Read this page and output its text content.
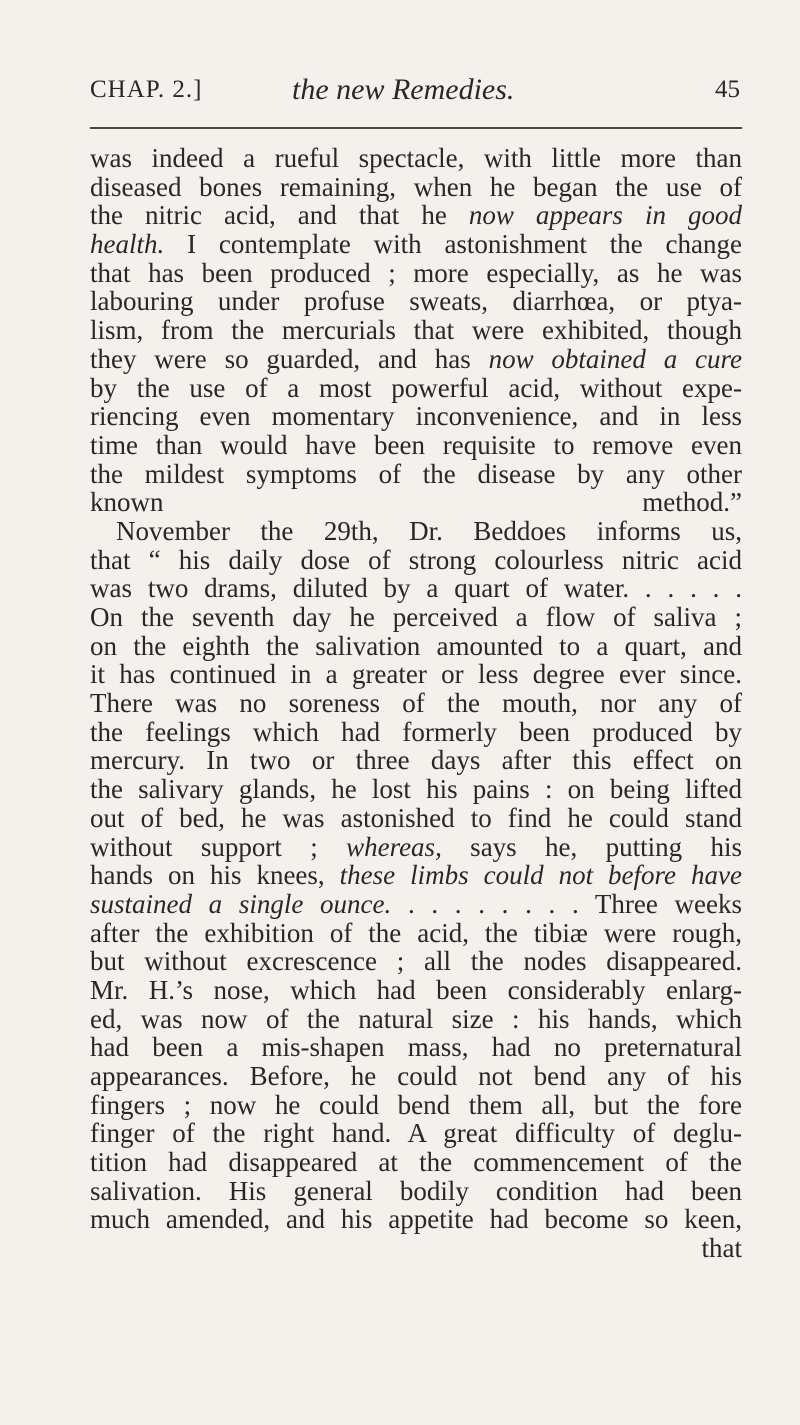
CHAP. 2.]	the new Remedies.	45
was indeed a rueful spectacle, with little more than
diseased bones remaining, when he began the use of
the nitric acid, and that he now appears in good
health. I contemplate with astonishment the change
that has been produced ; more especially, as he was
labouring under profuse sweats, diarrhœa, or ptya-
lism, from the mercurials that were exhibited, though
they were so guarded, and has now obtained a cure
by the use of a most powerful acid, without expe-
riencing even momentary inconvenience, and in less
time than would have been requisite to remove even
the mildest symptoms of the disease by any other
known method.”
November the 29th, Dr. Beddoes informs us,
that “ his daily dose of strong colourless nitric acid
was two drams, diluted by a quart of water. . . . . .
On the seventh day he perceived a flow of saliva ;
on the eighth the salivation amounted to a quart, and
it has continued in a greater or less degree ever since.
There was no soreness of the mouth, nor any of
the feelings which had formerly been produced by
mercury. In two or three days after this effect on
the salivary glands, he lost his pains : on being lifted
out of bed, he was astonished to find he could stand
without support ; whereas, says he, putting his
hands on his knees, these limbs could not before have
sustained a single ounce. . . . . . . . . Three weeks
after the exhibition of the acid, the tibiæ were rough,
but without excrescence ; all the nodes disappeared.
Mr. H.’s nose, which had been considerably enlarg-
ed, was now of the natural size : his hands, which
had been a mis-shapen mass, had no preternatural
appearances. Before, he could not bend any of his
fingers ; now he could bend them all, but the fore
finger of the right hand. A great difficulty of deglu-
tition had disappeared at the commencement of the
salivation. His general bodily condition had been
much amended, and his appetite had become so keen,
that
